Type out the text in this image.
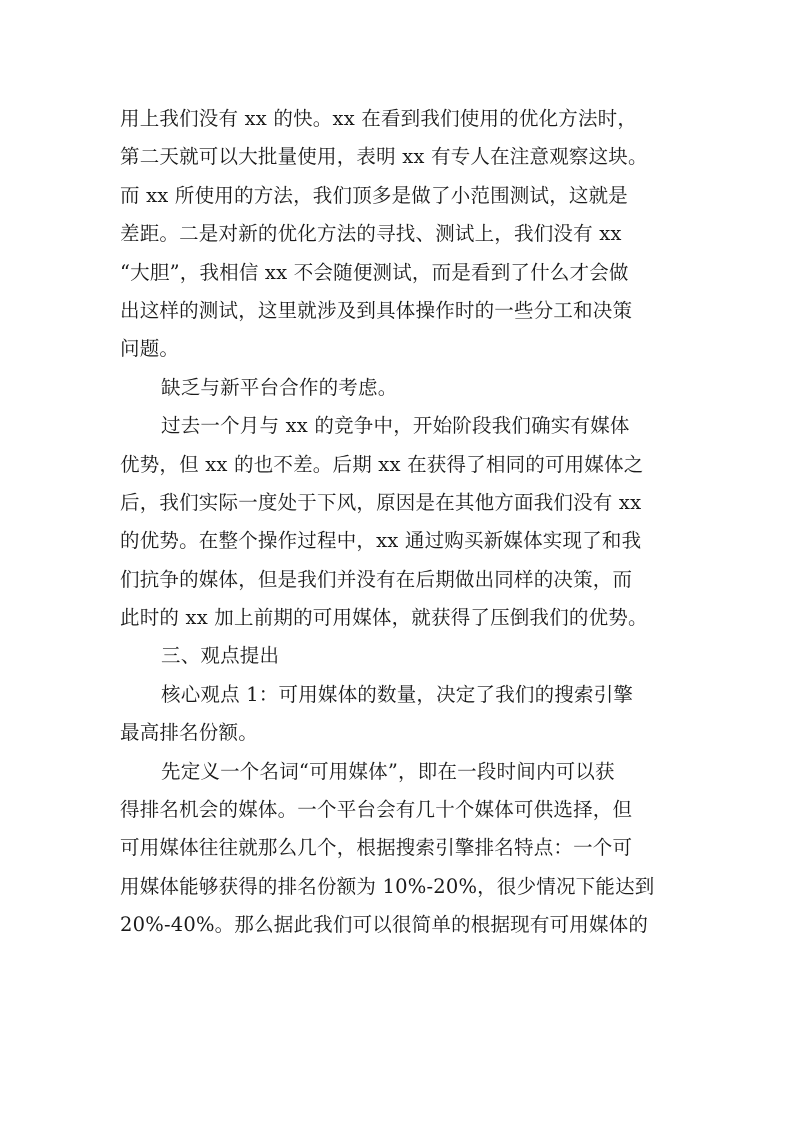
用上我们没有 xx 的快。xx 在看到我们使用的优化方法时，
第二天就可以大批量使用，表明 xx 有专人在注意观察这块。
而 xx 所使用的方法，我们顶多是做了小范围测试，这就是
差距。二是对新的优化方法的寻找、测试上，我们没有 xx
“大胆”，我相信 xx 不会随便测试，而是看到了什么才会做
出这样的测试，这里就涉及到具体操作时的一些分工和决策
问题。
缺乏与新平台合作的考虑。
过去一个月与 xx 的竞争中，开始阶段我们确实有媒体
优势，但 xx 的也不差。后期 xx 在获得了相同的可用媒体之
后，我们实际一度处于下风，原因是在其他方面我们没有 xx
的优势。在整个操作过程中，xx 通过购买新媒体实现了和我
们抗争的媒体，但是我们并没有在后期做出同样的决策，而
此时的 xx 加上前期的可用媒体，就获得了压倒我们的优势。
三、观点提出
核心观点 1：可用媒体的数量，决定了我们的搜索引擎
最高排名份额。
先定义一个名词“可用媒体”，即在一段时间内可以获
得排名机会的媒体。一个平台会有几十个媒体可供选择，但
可用媒体往往就那么几个，根据搜索引擎排名特点：一个可
用媒体能够获得的排名份额为 10%-20%，很少情况下能达到
20%-40%。那么据此我们可以很简单的根据现有可用媒体的
